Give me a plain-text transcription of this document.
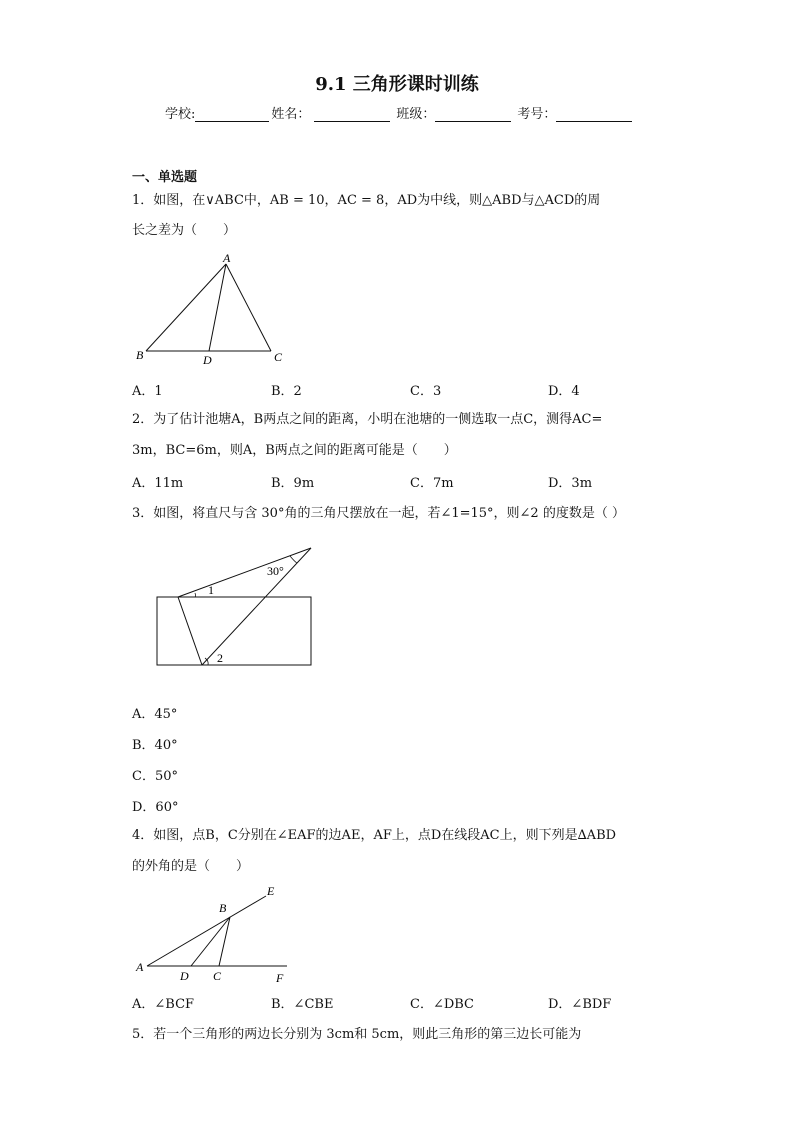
9.1 三角形课时训练
学校:	姓名：	班级：	考号：
一、单选题
1．如图，在∨ABC中，AB = 10，AC = 8，AD为中线，则△ABD与△ACD的周
长之差为（　　）
A
B	C
D
A．1	B．2	C．3	D．4
2．为了估计池塘A，B两点之间的距离，小明在池塘的一侧选取一点C，测得AC=
3m，BC=6m，则A，B两点之间的距离可能是（　　）
A．11m	B．9m	C．7m	D．3m
3．如图，将直尺与含 30°角的三角尺摆放在一起，若∠1=15°，则∠2 的度数是（ ）
30°
1
2
A．45°
B．40°
C．50°
D．60°
4．如图，点B，C分别在∠EAF的边AE，AF上，点D在线段AC上，则下列是∆ABD
的外角的是（　　）
A
B
D C
E
F
A．∠BCF	B．∠CBE	C．∠DBC	D．∠BDF
5．若一个三角形的两边长分别为 3cm和 5cm，则此三角形的第三边长可能为
